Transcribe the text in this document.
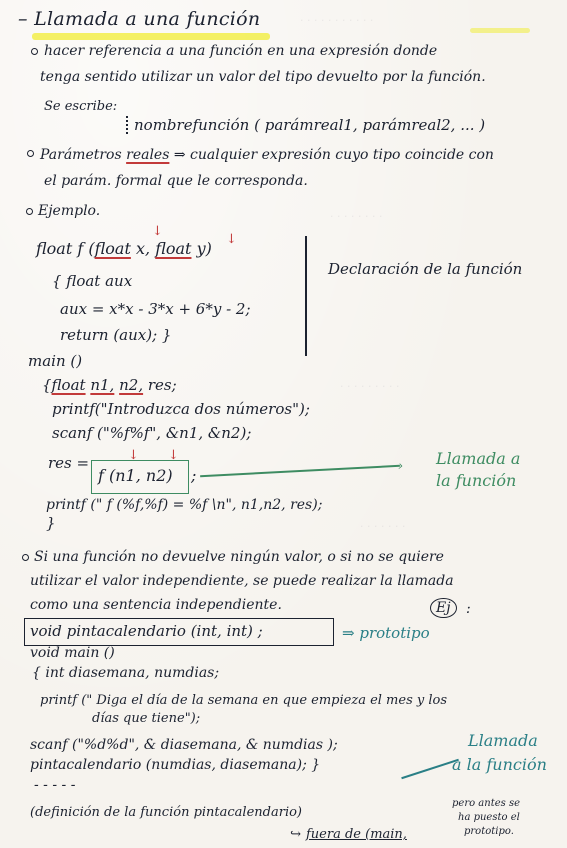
· · · · · · · · · · ·
· · · · · · · ·
· · · · · · · · ·
· · · · · · ·
– Llamada a una función
hacer referencia a una función en una expresión donde
tenga sentido utilizar un valor del tipo devuelto por la función.
Se escribe:
nombrefunción ( parámreal1, parámreal2, ... )
Parámetros reales ⇒ cualquier expresión cuyo tipo coincide con
el parám. formal que le corresponda.
Ejemplo.
↓
↓
float f (float x, float y)
{ float aux
aux = x*x - 3*x + 6*y - 2;
return (aux); }
Declaración de la función
main ()
{float n1, n2, res;
printf("Introduzca dos números");
scanf ("%f%f", &n1, &n2);
res =	↓ ↓
f (n1, n2) ;	› Llamada a
la función
printf (" f (%f,%f) = %f \n", n1,n2, res);
}
Si una función no devuelve ningún valor, o si no se quiere
utilizar el valor independiente, se puede realizar la llamada
como una sentencia independiente.	Ej	:
void pintacalendario (int, int) ;	⇒ prototipo
void main ()
{ int diasemana, numdias;
printf (" Diga el día de la semana en que empieza el mes y los
días que tiene");
scanf ("%d%d", & diasemana, & numdias );
pintacalendario (numdias, diasemana); }
- - - - -
Llamada
a la función
(definición de la función pintacalendario)
↪ fuera de (main,
pero antes se
ha puesto el
prototipo.
